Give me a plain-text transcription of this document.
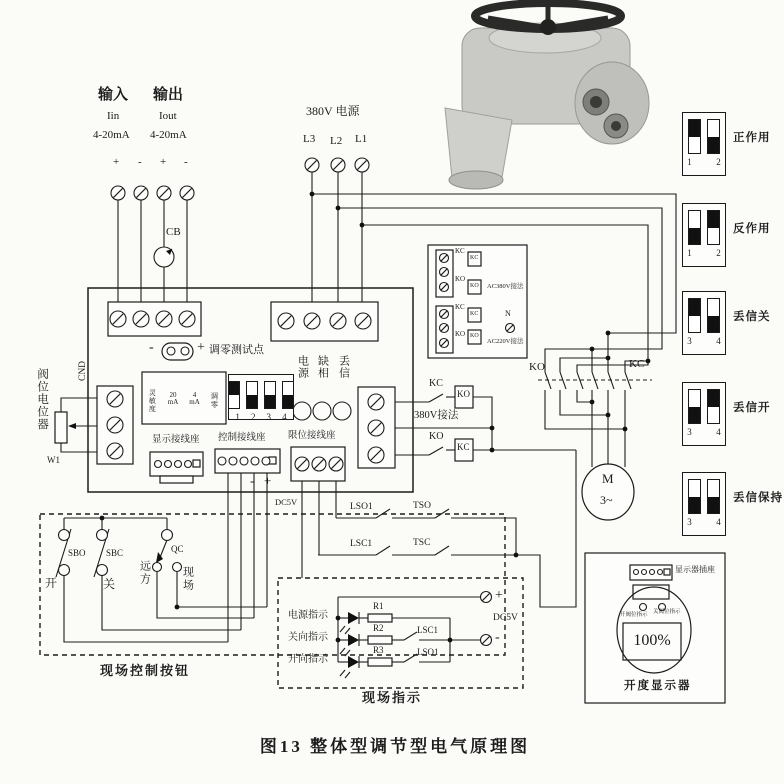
输入
Iin
4-20mA
输出
Iout
4-20mA
+ - + -
CB
380V 电源
L3 L2 L1
-	+ 调零测试点
灵敏度	20 mA
4 mA 调零
电源 缺相 丢信
显示接线座 控制接线座 限位接线座
- +
DC5V
CND
阀位电位器
W1
KC
KO
380V接法
KO
KC
KC
KC
KO
KO AC380V接法
KC
KC
KO KO
N
AC220V接法
KO	KC
M
3~
LSO1	TSO
LSC1	TSC
SBO SBC	QC
开	关 远方	现场
现场控制按钮
电源指示
关向指示
开向指示
R1
R2
R3
LSC1
LSO1
+
-
DC5V
现场指示
显示器插座
开阀位指示 关阀位指示
100%
开度显示器
图13 整体型调节型电气原理图
1 2 3 4
1	2
正作用
1	2
反作用
3	4
丢信关
3	4
丢信开
3	4
丢信保持
